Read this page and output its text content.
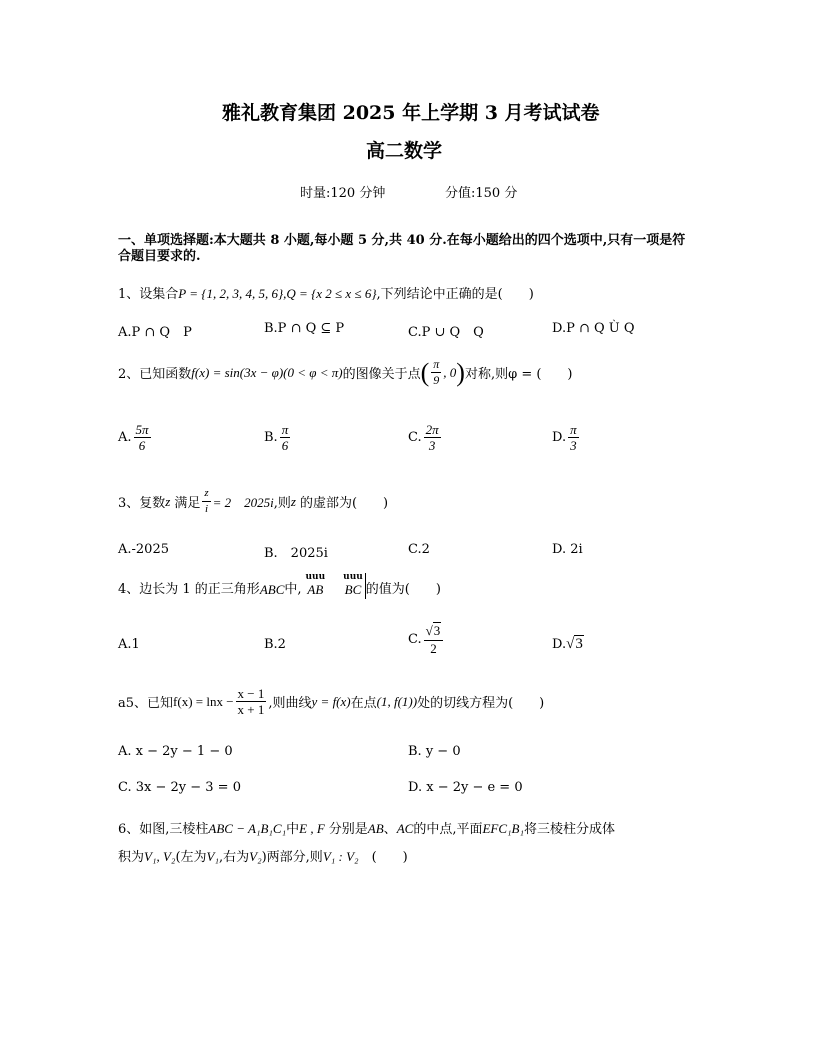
雅礼教育集团 2025 年上学期 3 月考试试卷
高二数学
时量:120 分钟	分值:150 分
一、单项选择题:本大题共 8 小题,每小题 5 分,共 40 分.在每小题给出的四个选项中,只有一项是符合题目要求的.
1、设集合P = {1, 2, 3, 4, 5, 6},Q = {x 2 ≤ x ≤ 6},下列结论中正确的是(　　)
A.P ∩ Q　P	B.P ∩ Q ⊆ P	C.P ∪ Q　Q	D.P ∩ Q Ù Q
2、已知函数 f(x) = sin(3x − φ)(0 < φ < π) 的图像关于点 ( $\frac{\pi}{9}$ , 0 ) 对称,则φ = (　　)
A. $\frac{5\pi}{6}$	B. $\frac{\pi}{6}$	C. $\frac{2\pi}{3}$	D. $\frac{\pi}{3}$
3、复数 z 满足 $\frac{z}{i} = 2$　2025i ,则 z 的虚部为(　　)
A.-2025	B.　2025i	C.2	D. 2i
4、边长为 1 的正三角形 ABC 中,
uuu
AB
uuu
BC 的值为(　　)
A.1	B.2	C. $\frac{√3}{2}$	D.√3
a5、已知 $f(x) = \ln x - \frac{x - 1}{x + 1}$ ,则曲线 y = f(x) 在点 (1, f(1)) 处的切线方程为(　　)
A. x − 2y − 1 − 0	B. y − 0
C. 3x − 2y − 3 = 0	D. x − 2y − e = 0
6、如图,三棱柱ABC − A₁B₁C₁中E , F 分别是AB、AC的中点,平面EFC₁B₁将三棱柱分成体
积为V₁, V₂(左为V₁,右为V₂)两部分,则V₁ : V₂　(　　)
